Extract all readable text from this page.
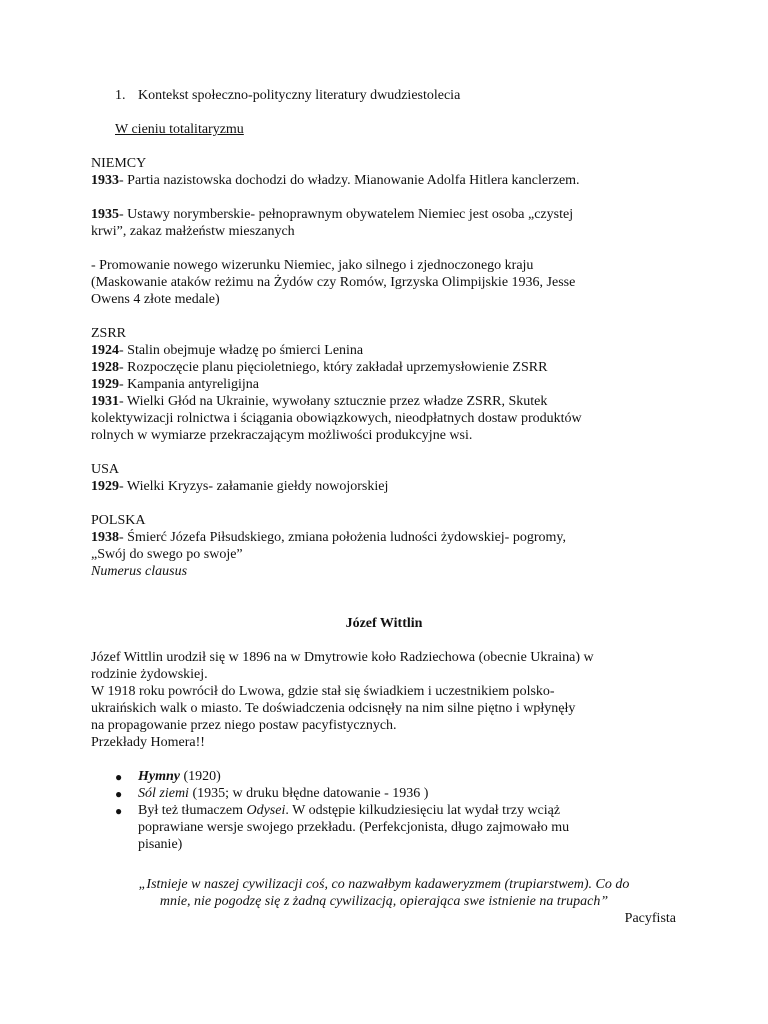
1. Kontekst społeczno-polityczny literatury dwudziestolecia
W cieniu totalitaryzmu
NIEMCY
1933- Partia nazistowska dochodzi do władzy. Mianowanie Adolfa Hitlera kanclerzem.
1935- Ustawy norymberskie- pełnoprawnym obywatelem Niemiec jest osoba „czystej
krwi”, zakaz małżeństw mieszanych
- Promowanie nowego wizerunku Niemiec, jako silnego i zjednoczonego kraju
(Maskowanie ataków reżimu na Żydów czy Romów, Igrzyska Olimpijskie 1936, Jesse
Owens 4 złote medale)
ZSRR
1924- Stalin obejmuje władzę po śmierci Lenina
1928- Rozpoczęcie planu pięcioletniego, który zakładał uprzemysłowienie ZSRR
1929- Kampania antyreligijna
1931- Wielki Głód na Ukrainie, wywołany sztucznie przez władze ZSRR, Skutek
kolektywizacji rolnictwa i ściągania obowiązkowych, nieodpłatnych dostaw produktów
rolnych w wymiarze przekraczającym możliwości produkcyjne wsi.
USA
1929- Wielki Kryzys- załamanie giełdy nowojorskiej
POLSKA
1938- Śmierć Józefa Piłsudskiego, zmiana położenia ludności żydowskiej- pogromy,
„Swój do swego po swoje”
Numerus clausus
Józef Wittlin
Józef Wittlin urodził się w 1896 na w Dmytrowie koło Radziechowa (obecnie Ukraina) w
rodzinie żydowskiej.
W 1918 roku powrócił do Lwowa, gdzie stał się świadkiem i uczestnikiem polsko-
ukraińskich walk o miasto. Te doświadczenia odcisnęły na nim silne piętno i wpłynęły
na propagowanie przez niego postaw pacyfistycznych.
Przekłady Homera!!
● Hymny (1920)
● Sól ziemi (1935; w druku błędne datowanie - 1936 )
● Był też tłumaczem Odysei. W odstępie kilkudziesięciu lat wydał trzy wciąż
poprawiane wersje swojego przekładu. (Perfekcjonista, długo zajmowało mu
pisanie)
„Istnieje w naszej cywilizacji coś, co nazwałbym kadaweryzmem (trupiarstwem). Co do
mnie, nie pogodzę się z żadną cywilizacją, opierająca swe istnienie na trupach”
Pacyfista
